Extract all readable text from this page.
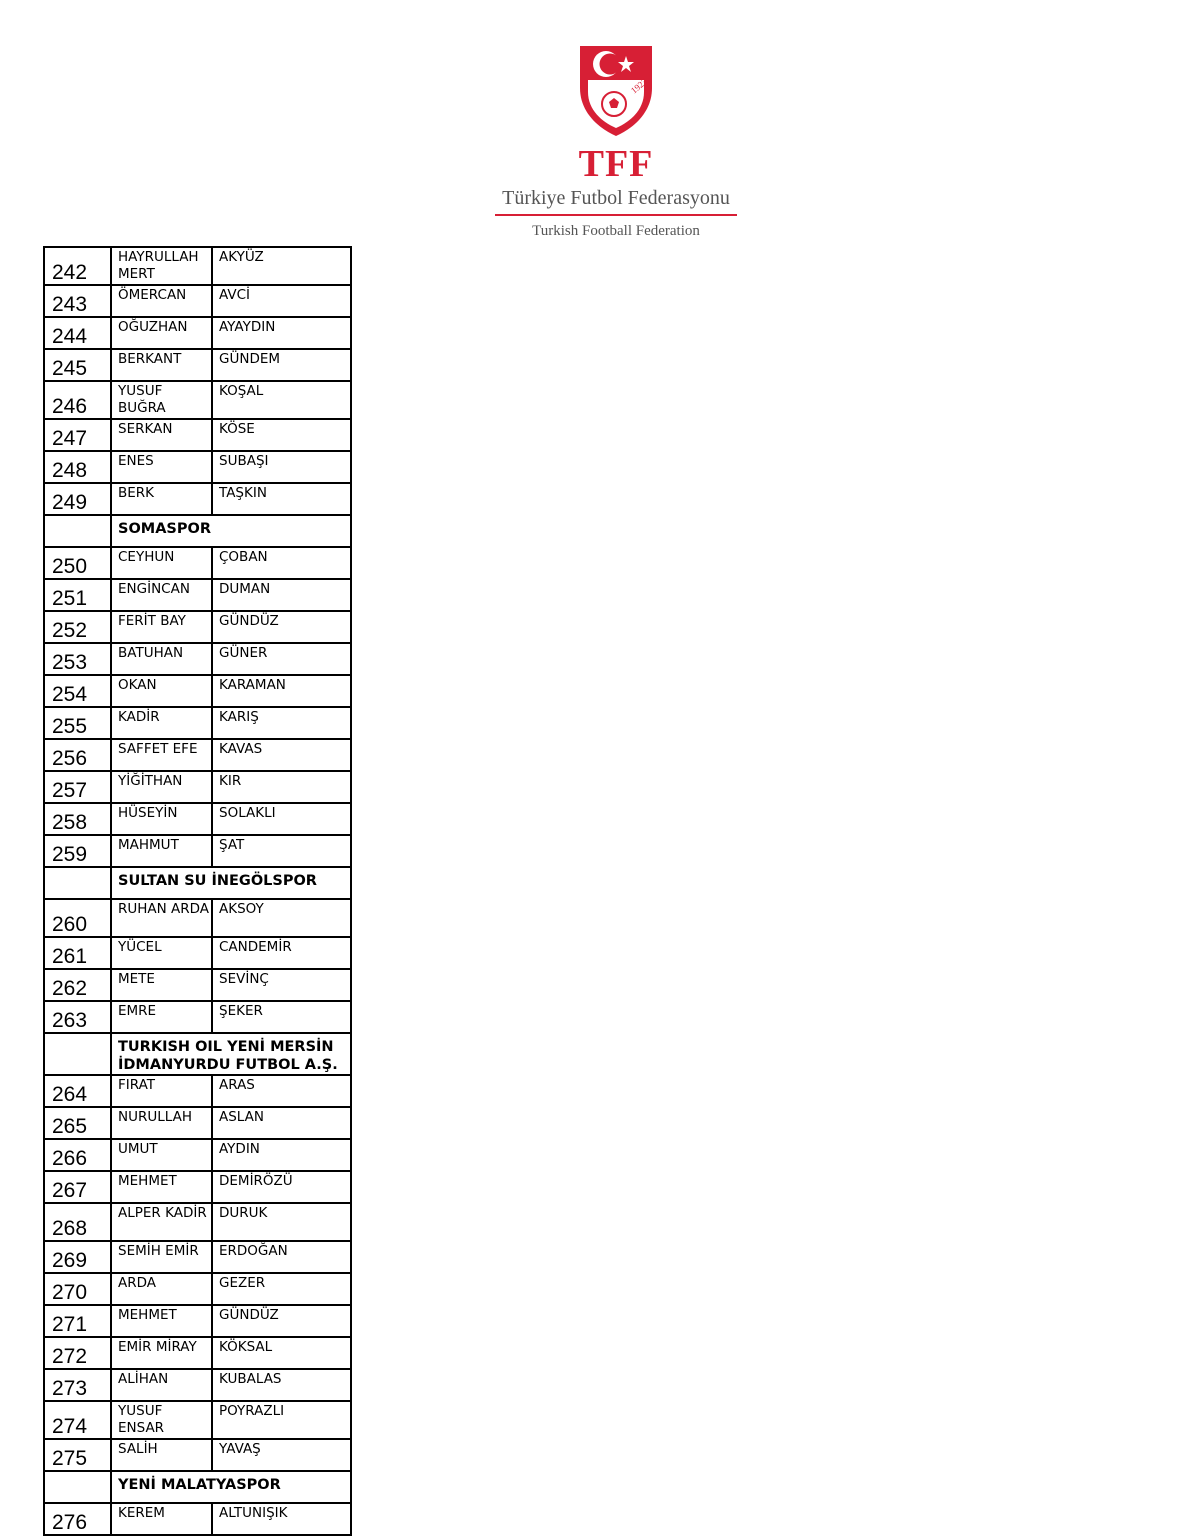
1923
TFF
Türkiye Futbol Federasyonu
Turkish Football Federation
242	HAYRULLAH MERT	AKYÜZ
243	ÖMERCAN	AVCİ
244	OĞUZHAN	AYAYDIN
245	BERKANT	GÜNDEM
246	YUSUF BUĞRA	KOŞAL
247	SERKAN	KÖSE
248	ENES	SUBAŞI
249	BERK	TAŞKIN
	SOMASPOR	
250	CEYHUN	ÇOBAN
251	ENGİNCAN	DUMAN
252	FERİT BAY	GÜNDÜZ
253	BATUHAN	GÜNER
254	OKAN	KARAMAN
255	KADİR	KARIŞ
256	SAFFET EFE	KAVAS
257	YİĞİTHAN	KIR
258	HÜSEYİN	SOLAKLI
259	MAHMUT	ŞAT
	SULTAN SU İNEGÖLSPOR	
260	RUHAN ARDA	AKSOY
261	YÜCEL	CANDEMİR
262	METE	SEVİNÇ
263	EMRE	ŞEKER
	TURKISH OIL YENİ MERSİN İDMANYURDU FUTBOL A.Ş.	
264	FIRAT	ARAS
265	NURULLAH	ASLAN
266	UMUT	AYDIN
267	MEHMET	DEMİRÖZÜ
268	ALPER KADİR	DURUK
269	SEMİH EMİR	ERDOĞAN
270	ARDA	GEZER
271	MEHMET	GÜNDÜZ
272	EMİR MİRAY	KÖKSAL
273	ALİHAN	KUBALAS
274	YUSUF ENSAR	POYRAZLI
275	SALİH	YAVAŞ
	YENİ MALATYASPOR	
276	KEREM	ALTUNIŞIK
